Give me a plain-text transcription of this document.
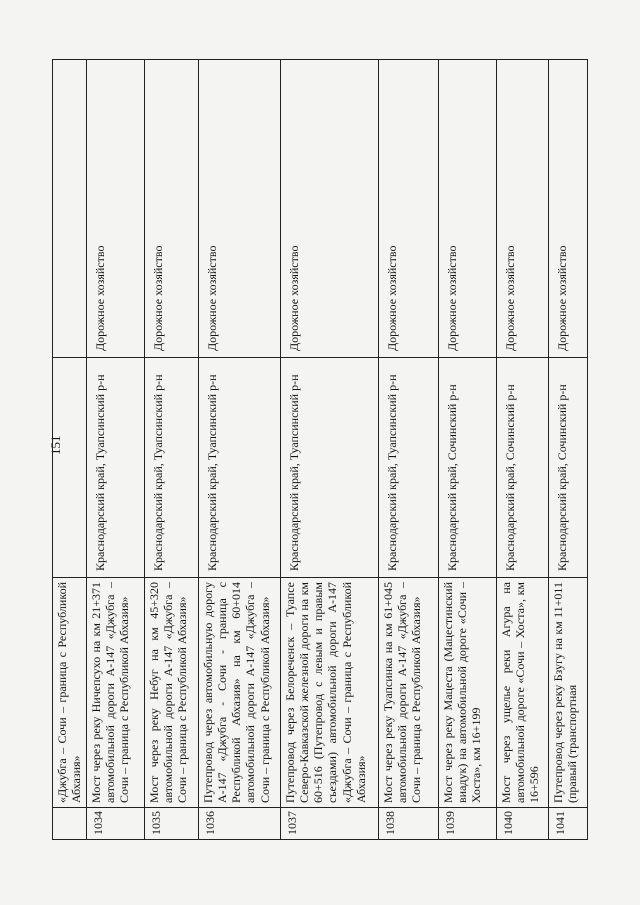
151
	«Джубга – Сочи – граница с Республикой Абхазия»		
1034	Мост через реку Ничепсухо на км 21+371 автомобильной дороги А-147 «Джубга – Сочи – граница с Республикой Абхазия»	Краснодарский край, Туапсинский р-н	Дорожное хозяйство
1035	Мост через реку Небуг на км 45+320 автомобильной дороги А-147 «Джубга – Сочи – граница с Республикой Абхазия»	Краснодарский край, Туапсинский р-н	Дорожное хозяйство
1036	Путепровод через автомобильную дорогу А-147 «Джубга - Сочи - граница с Республикой Абхазия» на км 60+014 автомобильной дороги А-147 «Джубга – Сочи – граница с Республикой Абхазия»	Краснодарский край, Туапсинский р-н	Дорожное хозяйство
1037	Путепровод через Белореченск – Туапсе Северо-Кавказской железной дороги на км 60+516 (Путепровод с левым и правым съездами) автомобильной дороги А-147 «Джубга – Сочи – граница с Республикой Абхазия»	Краснодарский край, Туапсинский р-н	Дорожное хозяйство
1038	Мост через реку Туапсинка на км 61+045 автомобильной дороги А-147 «Джубга – Сочи – граница с Республикой Абхазия»	Краснодарский край, Туапсинский р-н	Дорожное хозяйство
1039	Мост через реку Мацеста (Мацестинский виадук) на автомобильной дороге «Сочи – Хоста», км 16+199	Краснодарский край, Сочинский р-н	Дорожное хозяйство
1040	Мост через ущелье реки Агура на автомобильной дороге «Сочи – Хоста», км 16+596	Краснодарский край, Сочинский р-н	Дорожное хозяйство
1041	Путепровод через реку Бзугу на км 11+011 (правый (транспортная	Краснодарский край, Сочинский р-н	Дорожное хозяйство
